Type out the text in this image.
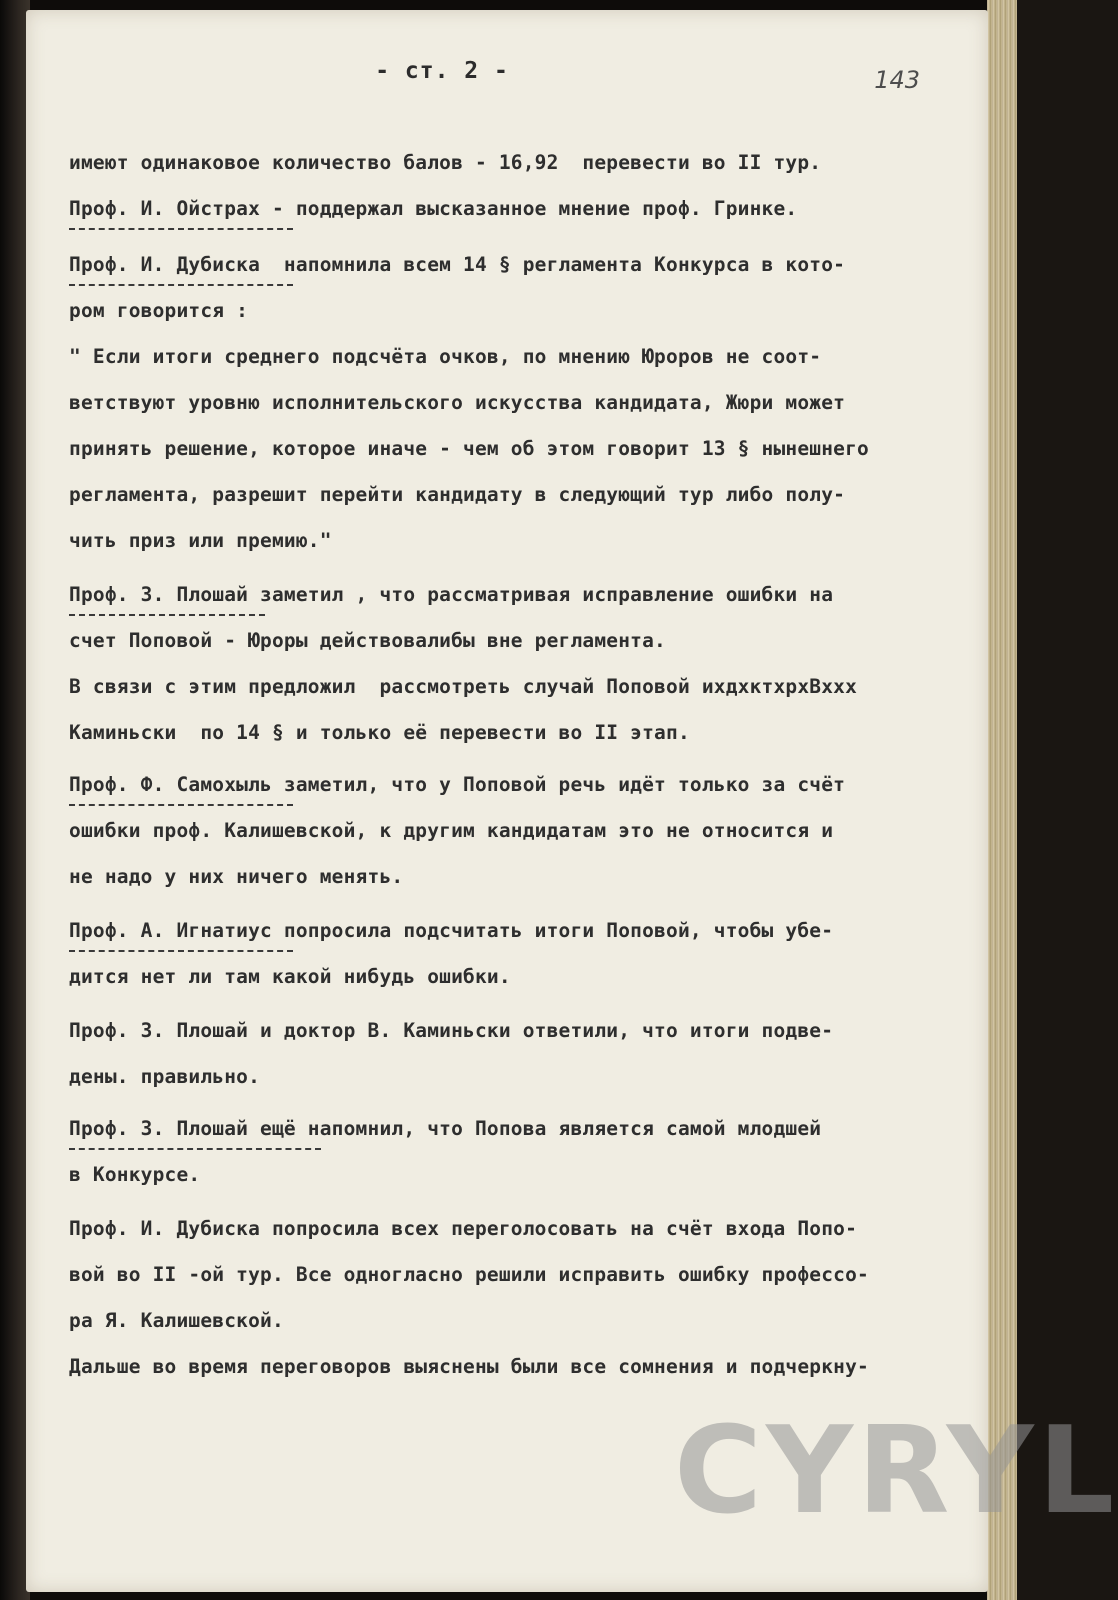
- ст. 2 -	143
имеют одинаковое количество балов - 16,92  перевести во II тур.
Проф. И. Ойстрах - поддержал высказанное мнение проф. Гринке.
Проф. И. Дубиска  напомнила всем 14 § регламента Конкурса в кото-
ром говорится :
" Если итоги среднего подсчёта очков, по мнению Юроров не соот-
ветствуют уровню исполнительского искусства кандидата, Жюри может
принять решение, которое иначе - чем об этом говорит 13 § нынешнего
регламента, разрешит перейти кандидату в следующий тур либо полу-
чить приз или премию."
Проф. З. Плошай заметил , что рассматривая исправление ошибки на
счет Поповой - Юроры действовалибы вне регламента.
В связи с этим предложил  рассмотреть случай Поповой ихдхктхрхВххх
Каминьски  по 14 § и только её перевести во II этап.
Проф. Ф. Самохыль заметил, что у Поповой речь идёт только за счёт
ошибки проф. Калишевской, к другим кандидатам это не относится и
не надо у них ничего менять.
Проф. А. Игнатиус попросила подсчитать итоги Поповой, чтобы убе-
дится нет ли там какой нибудь ошибки.
Проф. З. Плошай и доктор В. Каминьски ответили, что итоги подве-
дены. правильно.
Проф. З. Плошай ещё напомнил, что Попова является самой млодшей
в Конкурсе.
Проф. И. Дубиска попросила всех переголосовать на счёт входа Попо-
вой во II -ой тур. Все одногласно решили исправить ошибку профессо-
ра Я. Калишевской.
Дальше во время переговоров выяснены были все сомнения и подчеркну-
CYRYL
